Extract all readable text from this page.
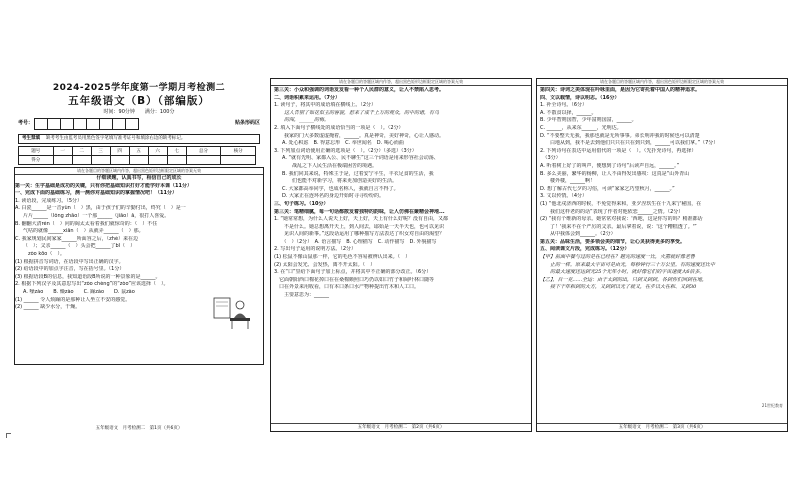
2024-2025学年度第一学期月考检测二
五年级语文（B）（部编版）
时间：90分钟　　满分：100分
考号：	贴条形码区
考生禁填　 缺考考生由监考员用黑色签字笔填写准考证号和填涂右边的缺考标记。
题号	一	二	三	四	五	六	七	总分	核分
得分									
请在各题目的答题区域内作答，超出黑色矩形边框限定区域的答案无效
仔细读题，认真书写，相信自己的成长
第一关：生字基础是成功的关键，只有你把基础知识打好才能学好本课（11分）
一、完成下面的基础练习，测一测你对基础知识的掌握情况吧！（11分）
1. 读语段，完成练习。（5分）
A. 白瓷______是一音yùn（　）黑，由于孩子们的辛勤付出，终究（　）是一
片片______（lǒng zhāo）一个那______（jiāo）ǎ，很打人喜爱。
B. 翻翻大清rén（　）问的阔太太看着我们就惊奇的：（　）不住
气咕的就像______xiān（　）从就弄______（　）那。
C. 我家规划民间家家______所面容之后，（zhè）来在边
（　）；父亲______（　）头会把______了bǐ（　）
　zòo kōo（　）。
(1) 根据拼音写词语，在语段中写出正确的汉字。
(2) 给语段中的加点字注音，写在括号里。（1分）
(3) 根据语段B的信息，我知道语段B所说的一种景象的是______。
2. 根据下列汉字及其意思写出“zòo chèng”的“zòo”应该选择（　）。
A. 噪zào　　B. 燥zào　　C. 躁zào　　D. 鼠zào
(1) ______ 令人烦躁的是那种让人坐立不安的感觉。
(2) ______ 缺少水分，干燥。
五年级语文　月考检测二　第1页（共6页）
请在各题目的答题区域内作答，超出黑色矩形边框限定区域的答案无效
第三关：小众和强调的词语发发看一种个人民群的意义，让人不禁陷入思考。
二、词语积累来运用。（7分）
1. 读句子，将其中的成语填在横线上。（2分）
　　这人告别了如花似玉的容貌，惹来了成千上万的观众，的中的诸，有乌
　　的闯，______的梅。
2. 填入下面句子横线处的成语恰当的一项是（　）。（2分）
　　我家的门大多数虚虚掩着，______。真是神奇，美好神奇，心让人感动。
A. 处心积虑　B. 得意忘形　C. 举世闻名　D. 喝心而曲
3. 下列加点词语使用正确的选项是（　）。（2分）（多选）（3分）
A. “就有先明、家都入公、民不聊生”这三个词语是用来形容社会动荡、
　　战乱之下人民生活在极端困苦的境遇。
B. 我们同其来说，特殊主于是，过着安宁平生，丰衣足食的生活，我
　　们也能不对新学习，将来更加创造美好的生活。
C. 大家都高举同学，也成名称人，我就自言不得了。
D. 大家正在连环名的身边开始时寻寻纷纷的。
三、句子练习。（10分）
第三关：笔精细腻，每一句话都散发着独特的韵味，让人仿佛在聚精会神地...
1. “她常常想，为什么人说天上好，天上好，天上有什么好呢？没有自由，又都
　　不是什么。她总想离开天上，到人间去，耶始是一天半天也，也可以见识
　　见识人间的新事。”这段话运用了哪种描写方法表达了织女对自由的渴望？
　　（　）（2分）　A. 语言描写　B. 心理描写　C. 动作描写　D. 外貌描写
2. 写出句子运用的说明方法。（2分）
(1) 松鼠不像山鼠那一样，它的毛色不容易被辨认出来。（　）
(2) 太阳会发光、会发热，离不开太阳。（　）
3. 在“口”里给下面句子加上标点，并将其中不正确的部分改正。（6分）
　它面朝阳西口棉花掉口在在桑棉颇照口巧仍以如口竹子和阔叶林口随等
　口在外景来用收看，口有本口条口水产物种提出竹木和人工口。
　　主要意思为：______
五年级语文　月考检测二　第2页（共6页）
请在各题目的答题区域内作答，超出黑色矩形边框限定区域的答案无效
第四关：诗词之美体现在吟咏里面，是因为它寄托着中国人的精神追求。
四、文以载情，诗以明志。（16分）
1. 补全诗句。（6分）
A. 不散食以择，______。
B. 少年智则国智，少年富则国富，______。
C. ______，从来东______，光明达。
D. “不要整天无我，我那也就是无所事事。弟长明冲我的时候也可以清楚
　　白地从到，我不是去到他们只只在只在到只到，______可以我们拿。”（7分）
2. 下列诗句在表达中运用借代的一项是（　）。（先扑充诗句，再选择）
　（3分）
A. 听着树上好了的叫声，便想到了诗句“后读声自远，______。”
B. 多么美丽，繁华的杨柳，让人不由得发出感叹：这真是“山外青山
　　楼外楼，______啊！
D. 想了解古代七夕的习俗，可读“家家乞巧望秋月，______。”
3. 文以传情。（4分）
(1) “他北戍济西的时候，不免觉得来和，亚夕涅玖生在十九来宁秘国，在
　　我们这样老的的话”表现了作者对他依恋______之情。（2分）
(2) “我有个维新的母亲。她常常对我说：'西地，这是你写的吗？稍准都话
　　了！'我来不在个严厉的父亲。最后拿着说，说：'这个糟糕透了。'”
　　从中我体会到______。（2分）
第五关：品味生活，要多领会美的细节，让心灵获得更多的享受。
五、阅读课文片段，完成练习。（12分）
【甲】前面中餐与过的是在已经在？题完的速度一比，火箭就好像老鲁
　　止的一样。原来最大宇宙可是由光，每秒钟行三十万公里。有的速度还比中
　　的最大速度还达到光25个光年小时，就好像它们的宇宙速度大6倍多。
【乙】，自一克......全运：由于太到的出，只到又到到。各到你们回到在地，
　　接下干年和到的大方，又到到以光了就又，在步以大在和、又到30
21世纪教育
五年级语文　月考检测二　第3页（共6页）
